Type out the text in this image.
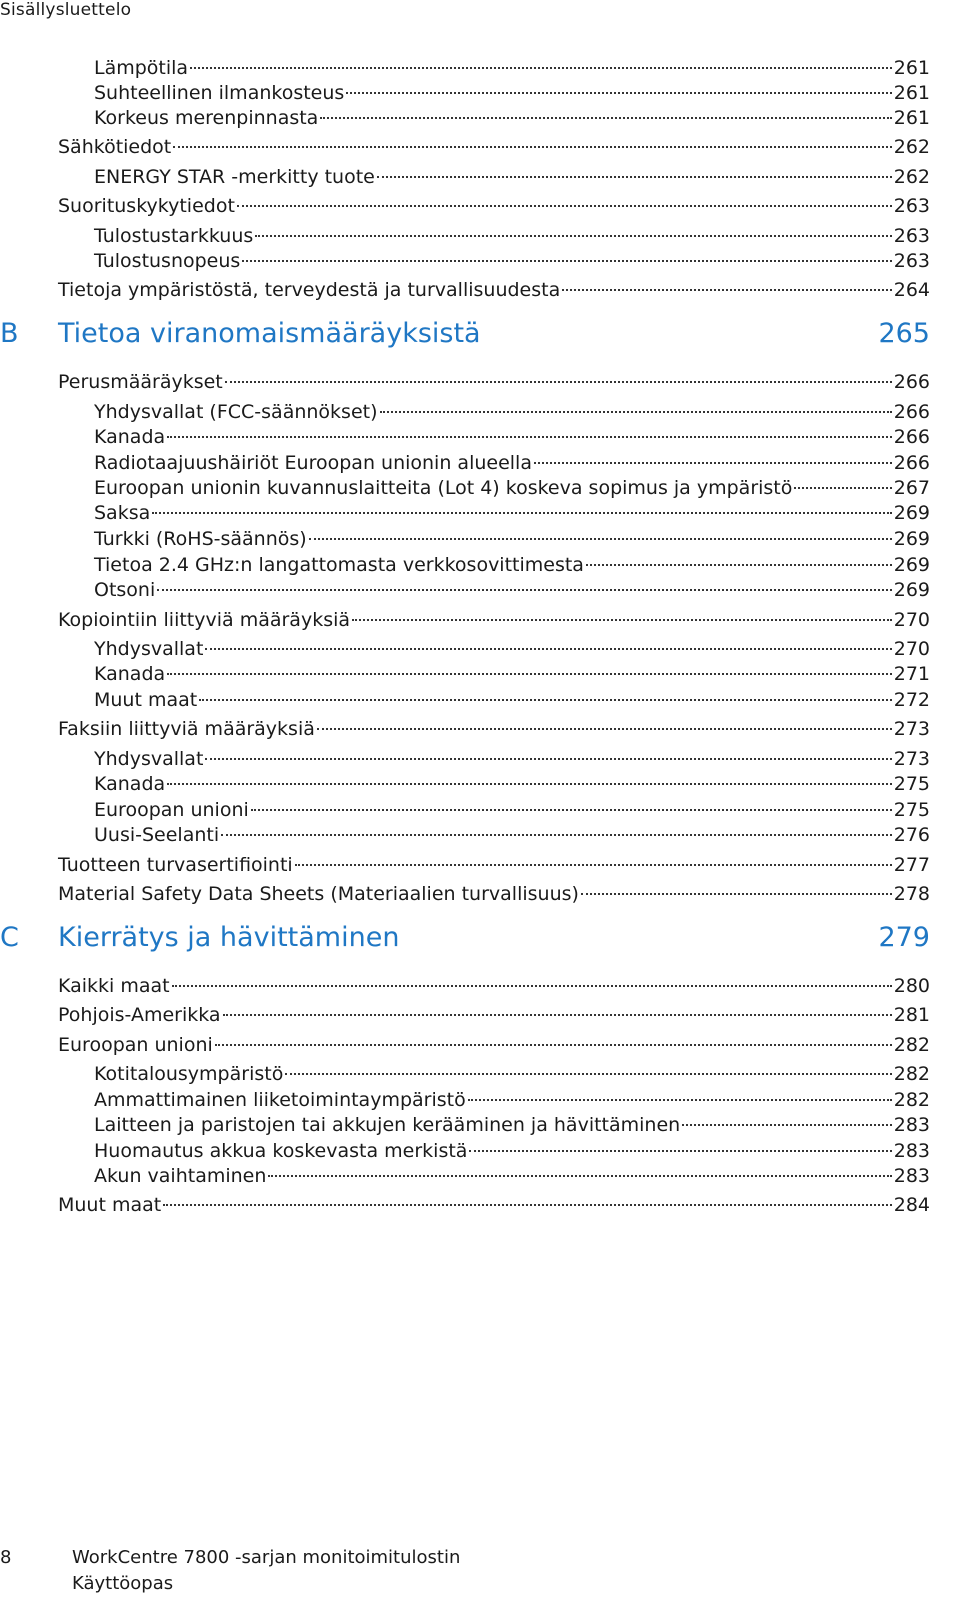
Sisällysluettelo
Lämpötila	261
Suhteellinen ilmankosteus	261
Korkeus merenpinnasta	261
Sähkötiedot	262
ENERGY STAR -merkitty tuote	262
Suorituskykytiedot	263
Tulostustarkkuus	263
Tulostusnopeus	263
Tietoja ympäristöstä, terveydestä ja turvallisuudesta	264
B Tietoa viranomaismääräyksistä	265
Perusmääräykset	266
Yhdysvallat (FCC-säännökset)	266
Kanada	266
Radiotaajuushäiriöt Euroopan unionin alueella	266
Euroopan unionin kuvannuslaitteita (Lot 4) koskeva sopimus ja ympäristö	267
Saksa	269
Turkki (RoHS-säännös)	269
Tietoa 2.4 GHz:n langattomasta verkkosovittimesta	269
Otsoni	269
Kopiointiin liittyviä määräyksiä	270
Yhdysvallat	270
Kanada	271
Muut maat	272
Faksiin liittyviä määräyksiä	273
Yhdysvallat	273
Kanada	275
Euroopan unioni	275
Uusi-Seelanti	276
Tuotteen turvasertifiointi	277
Material Safety Data Sheets (Materiaalien turvallisuus)	278
C Kierrätys ja hävittäminen	279
Kaikki maat	280
Pohjois-Amerikka	281
Euroopan unioni	282
Kotitalousympäristö	282
Ammattimainen liiketoimintaympäristö	282
Laitteen ja paristojen tai akkujen kerääminen ja hävittäminen	283
Huomautus akkua koskevasta merkistä	283
Akun vaihtaminen	283
Muut maat	284
8	WorkCentre 7800 -sarjan monitoimitulostin
Käyttöopas
